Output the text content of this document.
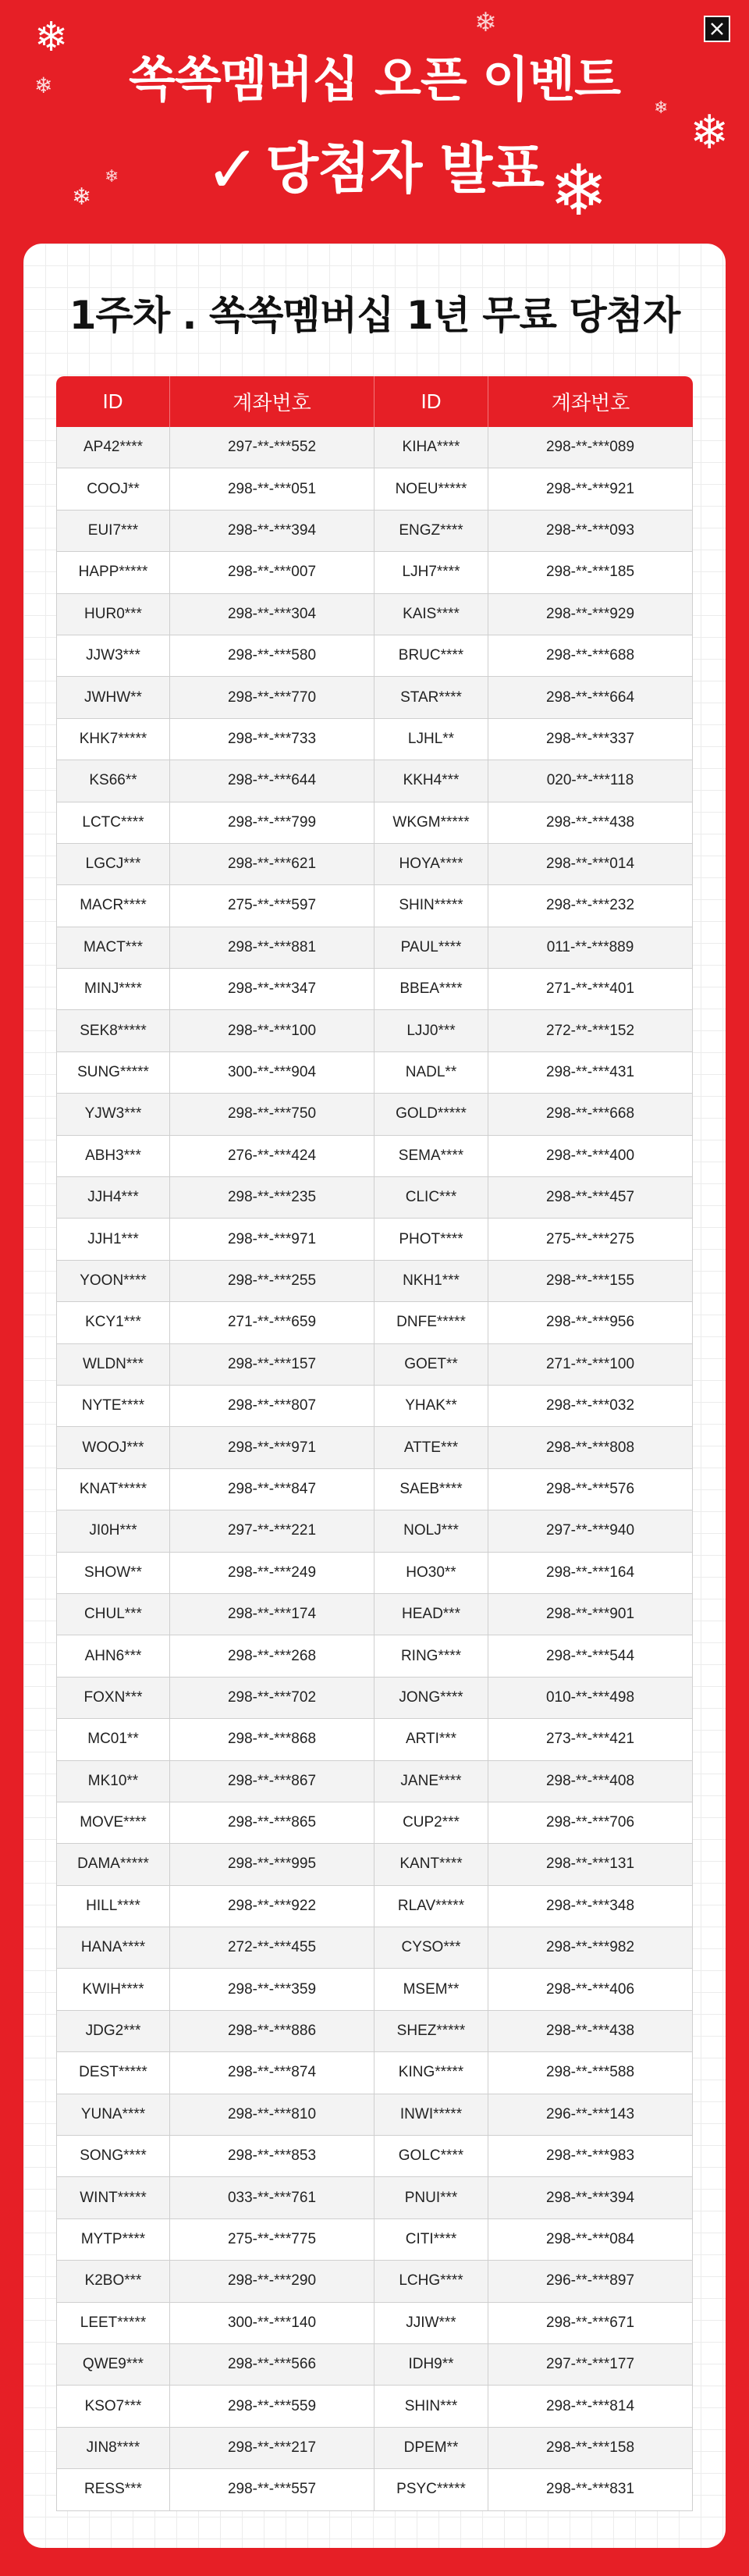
❄
❄
❄
❄
❄
❄ ❄
❄
쏙쏙멤버십 오픈 이벤트
✓ 당첨자 발표
1주차 . 쏙쏙멤버십 1년 무료 당첨자
ID	계좌번호	ID	계좌번호
AP42****	297-**-***552	KIHA****	298-**-***089
COOJ**	298-**-***051	NOEU*****	298-**-***921
EUI7***	298-**-***394	ENGZ****	298-**-***093
HAPP*****	298-**-***007	LJH7****	298-**-***185
HUR0***	298-**-***304	KAIS****	298-**-***929
JJW3***	298-**-***580	BRUC****	298-**-***688
JWHW**	298-**-***770	STAR****	298-**-***664
KHK7*****	298-**-***733	LJHL**	298-**-***337
KS66**	298-**-***644	KKH4***	020-**-***118
LCTC****	298-**-***799	WKGM*****	298-**-***438
LGCJ***	298-**-***621	HOYA****	298-**-***014
MACR****	275-**-***597	SHIN*****	298-**-***232
MACT***	298-**-***881	PAUL****	011-**-***889
MINJ****	298-**-***347	BBEA****	271-**-***401
SEK8*****	298-**-***100	LJJ0***	272-**-***152
SUNG*****	300-**-***904	NADL**	298-**-***431
YJW3***	298-**-***750	GOLD*****	298-**-***668
ABH3***	276-**-***424	SEMA****	298-**-***400
JJH4***	298-**-***235	CLIC***	298-**-***457
JJH1***	298-**-***971	PHOT****	275-**-***275
YOON****	298-**-***255	NKH1***	298-**-***155
KCY1***	271-**-***659	DNFE*****	298-**-***956
WLDN***	298-**-***157	GOET**	271-**-***100
NYTE****	298-**-***807	YHAK**	298-**-***032
WOOJ***	298-**-***971	ATTE***	298-**-***808
KNAT*****	298-**-***847	SAEB****	298-**-***576
JI0H***	297-**-***221	NOLJ***	297-**-***940
SHOW**	298-**-***249	HO30**	298-**-***164
CHUL***	298-**-***174	HEAD***	298-**-***901
AHN6***	298-**-***268	RING****	298-**-***544
FOXN***	298-**-***702	JONG****	010-**-***498
MC01**	298-**-***868	ARTI***	273-**-***421
MK10**	298-**-***867	JANE****	298-**-***408
MOVE****	298-**-***865	CUP2***	298-**-***706
DAMA*****	298-**-***995	KANT****	298-**-***131
HILL****	298-**-***922	RLAV*****	298-**-***348
HANA****	272-**-***455	CYSO***	298-**-***982
KWIH****	298-**-***359	MSEM**	298-**-***406
JDG2***	298-**-***886	SHEZ*****	298-**-***438
DEST*****	298-**-***874	KING*****	298-**-***588
YUNA****	298-**-***810	INWI*****	296-**-***143
SONG****	298-**-***853	GOLC****	298-**-***983
WINT*****	033-**-***761	PNUI***	298-**-***394
MYTP****	275-**-***775	CITI****	298-**-***084
K2BO***	298-**-***290	LCHG****	296-**-***897
LEET*****	300-**-***140	JJIW***	298-**-***671
QWE9***	298-**-***566	IDH9**	297-**-***177
KSO7***	298-**-***559	SHIN***	298-**-***814
JIN8****	298-**-***217	DPEM**	298-**-***158
RESS***	298-**-***557	PSYC*****	298-**-***831
